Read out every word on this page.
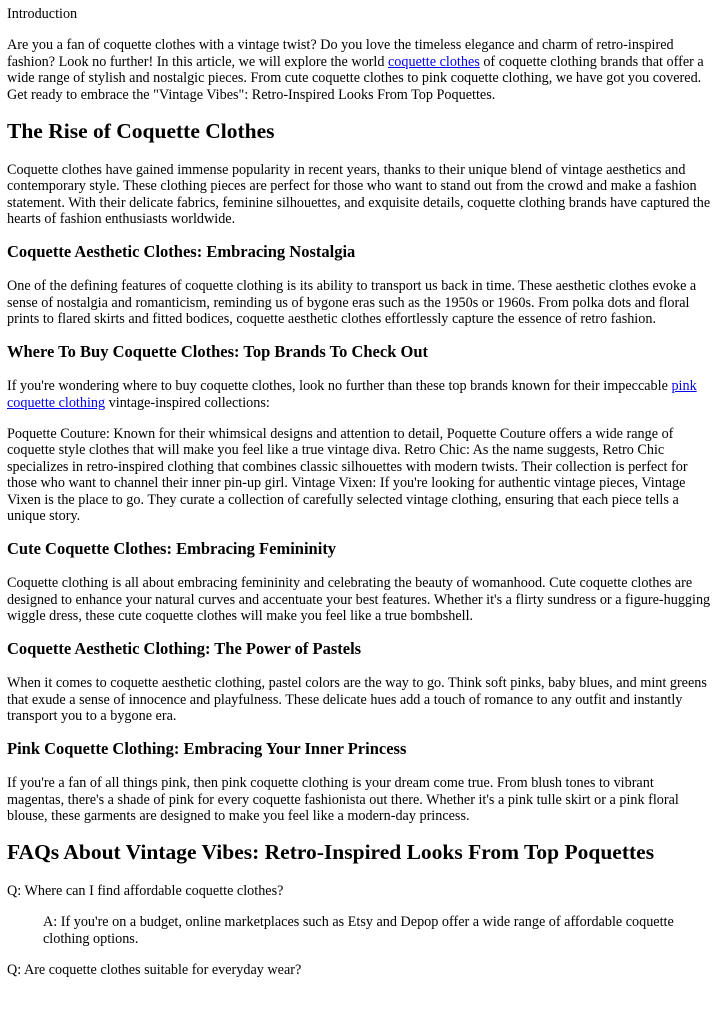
Introduction

Are you a fan of coquette clothes with a vintage twist? Do you love the timeless elegance and charm of retro-inspired fashion? Look no further! In this article, we will explore the world coquette clothes of coquette clothing brands that offer a wide range of stylish and nostalgic pieces. From cute coquette clothes to pink coquette clothing, we have got you covered. Get ready to embrace the "Vintage Vibes": Retro-Inspired Looks From Top Poquettes.

The Rise of Coquette Clothes

Coquette clothes have gained immense popularity in recent years, thanks to their unique blend of vintage aesthetics and contemporary style. These clothing pieces are perfect for those who want to stand out from the crowd and make a fashion statement. With their delicate fabrics, feminine silhouettes, and exquisite details, coquette clothing brands have captured the hearts of fashion enthusiasts worldwide.

Coquette Aesthetic Clothes: Embracing Nostalgia

One of the defining features of coquette clothing is its ability to transport us back in time. These aesthetic clothes evoke a sense of nostalgia and romanticism, reminding us of bygone eras such as the 1950s or 1960s. From polka dots and floral prints to flared skirts and fitted bodices, coquette aesthetic clothes effortlessly capture the essence of retro fashion.

Where To Buy Coquette Clothes: Top Brands To Check Out

If you're wondering where to buy coquette clothes, look no further than these top brands known for their impeccable pink coquette clothing vintage-inspired collections:

Poquette Couture: Known for their whimsical designs and attention to detail, Poquette Couture offers a wide range of coquette style clothes that will make you feel like a true vintage diva. Retro Chic: As the name suggests, Retro Chic specializes in retro-inspired clothing that combines classic silhouettes with modern twists. Their collection is perfect for those who want to channel their inner pin-up girl. Vintage Vixen: If you're looking for authentic vintage pieces, Vintage Vixen is the place to go. They curate a collection of carefully selected vintage clothing, ensuring that each piece tells a unique story.

Cute Coquette Clothes: Embracing Femininity

Coquette clothing is all about embracing femininity and celebrating the beauty of womanhood. Cute coquette clothes are designed to enhance your natural curves and accentuate your best features. Whether it's a flirty sundress or a figure-hugging wiggle dress, these cute coquette clothes will make you feel like a true bombshell.

Coquette Aesthetic Clothing: The Power of Pastels

When it comes to coquette aesthetic clothing, pastel colors are the way to go. Think soft pinks, baby blues, and mint greens that exude a sense of innocence and playfulness. These delicate hues add a touch of romance to any outfit and instantly transport you to a bygone era.

Pink Coquette Clothing: Embracing Your Inner Princess

If you're a fan of all things pink, then pink coquette clothing is your dream come true. From blush tones to vibrant magentas, there's a shade of pink for every coquette fashionista out there. Whether it's a pink tulle skirt or a pink floral blouse, these garments are designed to make you feel like a modern-day princess.

FAQs About Vintage Vibes: Retro-Inspired Looks From Top Poquettes

Q: Where can I find affordable coquette clothes?

A: If you're on a budget, online marketplaces such as Etsy and Depop offer a wide range of affordable coquette clothing options.

Q: Are coquette clothes suitable for everyday wear?
